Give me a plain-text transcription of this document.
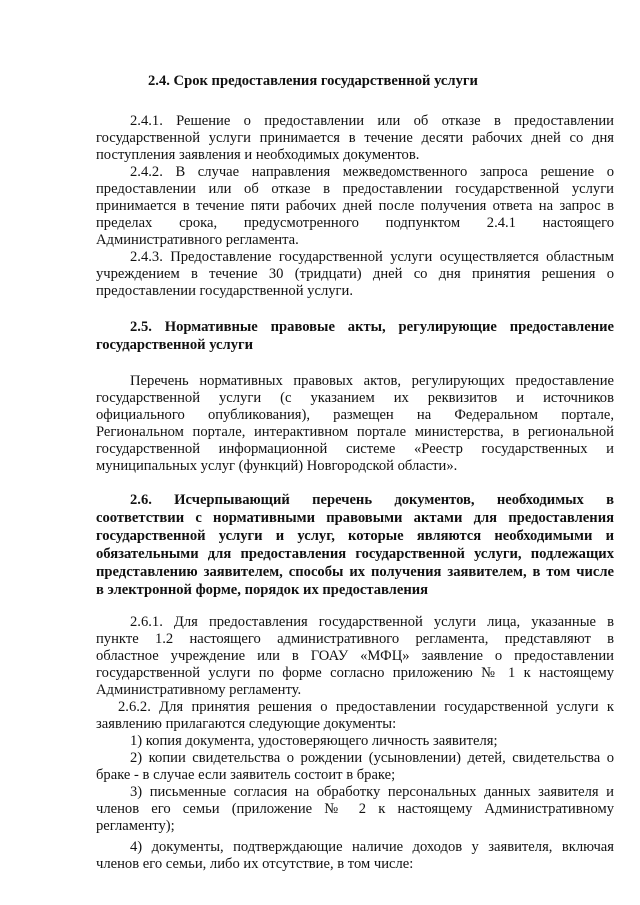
2.4. Срок предоставления государственной услуги
2.4.1. Решение о предоставлении или об отказе в предоставлении
государственной услуги принимается в течение десяти рабочих дней со дня
поступления заявления и необходимых документов.
2.4.2. В случае направления межведомственного запроса решение о
предоставлении или об отказе в предоставлении государственной услуги
принимается в течение пяти рабочих дней после получения ответа на запрос в
пределах срока, предусмотренного подпунктом 2.4.1 настоящего
Административного регламента.
2.4.3. Предоставление государственной услуги осуществляется областным
учреждением в течение 30 (тридцати) дней со дня принятия решения о
предоставлении государственной услуги.
2.5. Нормативные правовые акты, регулирующие предоставление
государственной услуги
Перечень нормативных правовых актов, регулирующих предоставление
государственной услуги (с указанием их реквизитов и источников
официального опубликования), размещен на Федеральном портале,
Региональном портале, интерактивном портале министерства, в региональной
государственной информационной системе «Реестр государственных и
муниципальных услуг (функций) Новгородской области».
2.6. Исчерпывающий перечень документов, необходимых в
соответствии с нормативными правовыми актами для предоставления
государственной услуги и услуг, которые являются необходимыми и
обязательными для предоставления государственной услуги, подлежащих
представлению заявителем, способы их получения заявителем, в том числе
в электронной форме, порядок их предоставления
2.6.1. Для предоставления государственной услуги лица, указанные в
пункте 1.2 настоящего административного регламента, представляют в
областное учреждение или в ГОАУ «МФЦ» заявление о предоставлении
государственной услуги по форме согласно приложению № 1 к настоящему
Административному регламенту.
2.6.2. Для принятия решения о предоставлении государственной услуги к
заявлению прилагаются следующие документы:
1) копия документа, удостоверяющего личность заявителя;
2) копии свидетельства о рождении (усыновлении) детей, свидетельства о
браке - в случае если заявитель состоит в браке;
3) письменные согласия на обработку персональных данных заявителя и
членов его семьи (приложение № 2 к настоящему Административному
регламенту);
4) документы, подтверждающие наличие доходов у заявителя, включая
членов его семьи, либо их отсутствие, в том числе:
